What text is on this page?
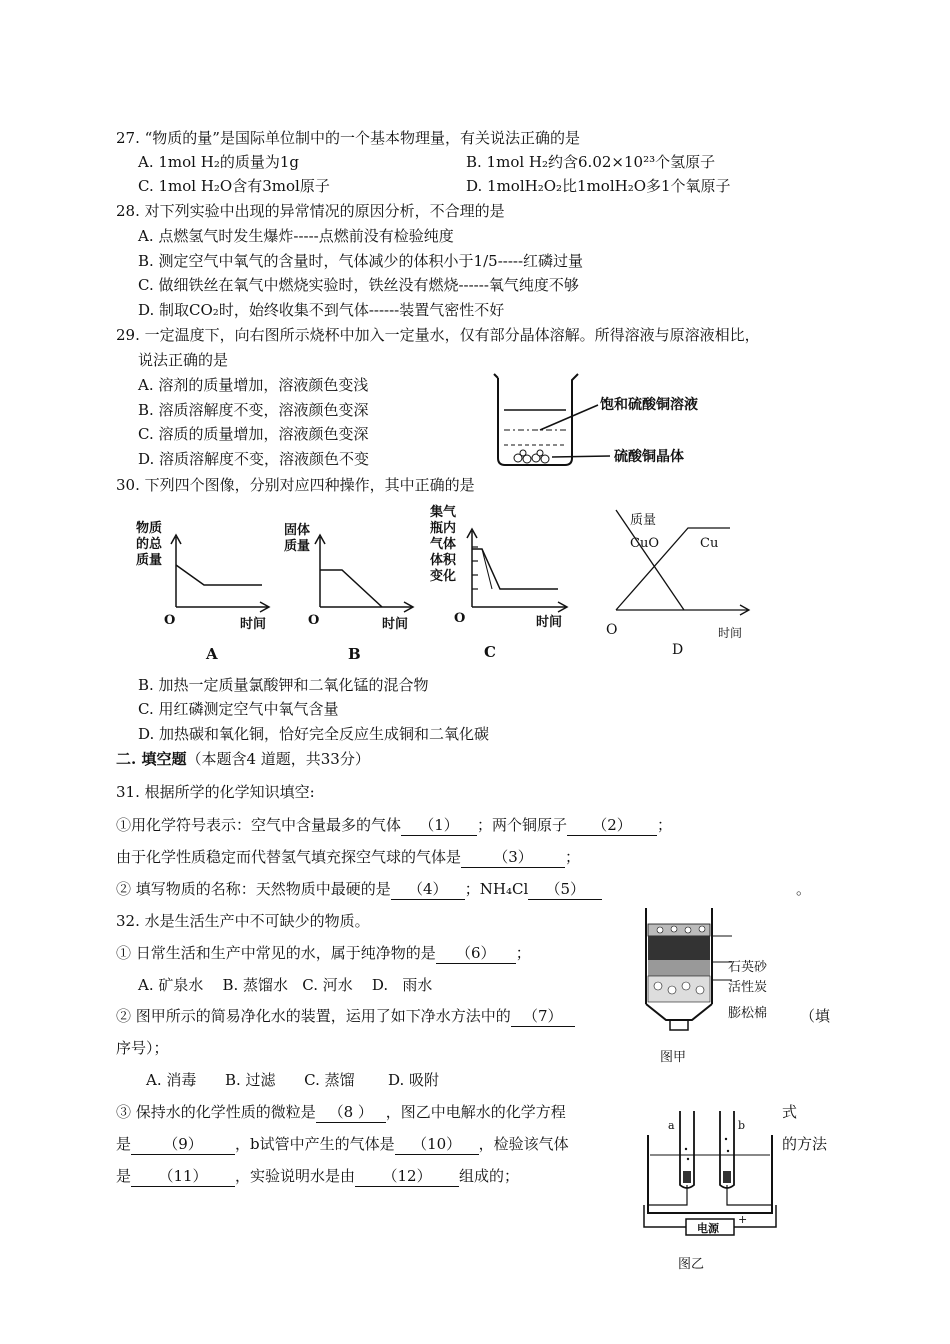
27. “物质的量”是国际单位制中的一个基本物理量，有关说法正确的是
A. 1mol H₂的质量为1g	B. 1mol H₂约含6.02×10²³个氢原子
C. 1mol H₂O含有3mol原子	D. 1molH₂O₂比1molH₂O多1个氧原子
28. 对下列实验中出现的异常情况的原因分析，不合理的是
A. 点燃氢气时发生爆炸-----点燃前没有检验纯度
B. 测定空气中氧气的含量时，气体减少的体积小于1/5-----红磷过量
C. 做细铁丝在氧气中燃烧实验时，铁丝没有燃烧------氧气纯度不够
D. 制取CO₂时，始终收集不到气体------装置气密性不好
29. 一定温度下，向右图所示烧杯中加入一定量水，仅有部分晶体溶解。所得溶液与原溶液相比，
说法正确的是
A. 溶剂的质量增加，溶液颜色变浅
B. 溶质溶解度不变，溶液颜色变深
C. 溶质的质量增加，溶液颜色变深
D. 溶质溶解度不变，溶液颜色不变
饱和硫酸铜溶液
硫酸铜晶体
30. 下列四个图像，分别对应四种操作，其中正确的是
物质
的总
质量
O	时间
A
固体
质量
O	时间
B
集气
瓶内
气体
体积
变化
O	时间
C
质量
CuO	Cu
O	时间
D
B. 加热一定质量氯酸钾和二氧化锰的混合物
C. 用红磷测定空气中氧气含量
D. 加热碳和氧化铜，恰好完全反应生成铜和二氧化碳
二. 填空题（本题含4 道题，共33分）
31. 根据所学的化学知识填空:
①用化学符号表示：空气中含量最多的气体 （1） ；两个铜原子 （2） ；
由于化学性质稳定而代替氢气填充探空气球的气体是 （3） ；
② 填写物质的名称：天然物质中最硬的是 （4） ；NH₄Cl （5）	。
32. 水是生活生产中不可缺少的物质。
① 日常生活和生产中常见的水，属于纯净物的是 （6） ；
A. 矿泉水    B. 蒸馏水   C. 河水    D.   雨水
② 图甲所示的简易净化水的装置，运用了如下净水方法中的 （7）	（填
序号）；
A. 消毒      B. 过滤      C. 蒸馏       D. 吸附
③ 保持水的化学性质的微粒是 （8 ） ，图乙中电解水的化学方程	式
是 （9） ，b试管中产生的气体是 （10） ，检验该气体	的方法
是 （11） ，实验说明水是由 （12） 组成的；
石英砂
活性炭
膨松棉
图甲
a	b
电源
+
图乙
